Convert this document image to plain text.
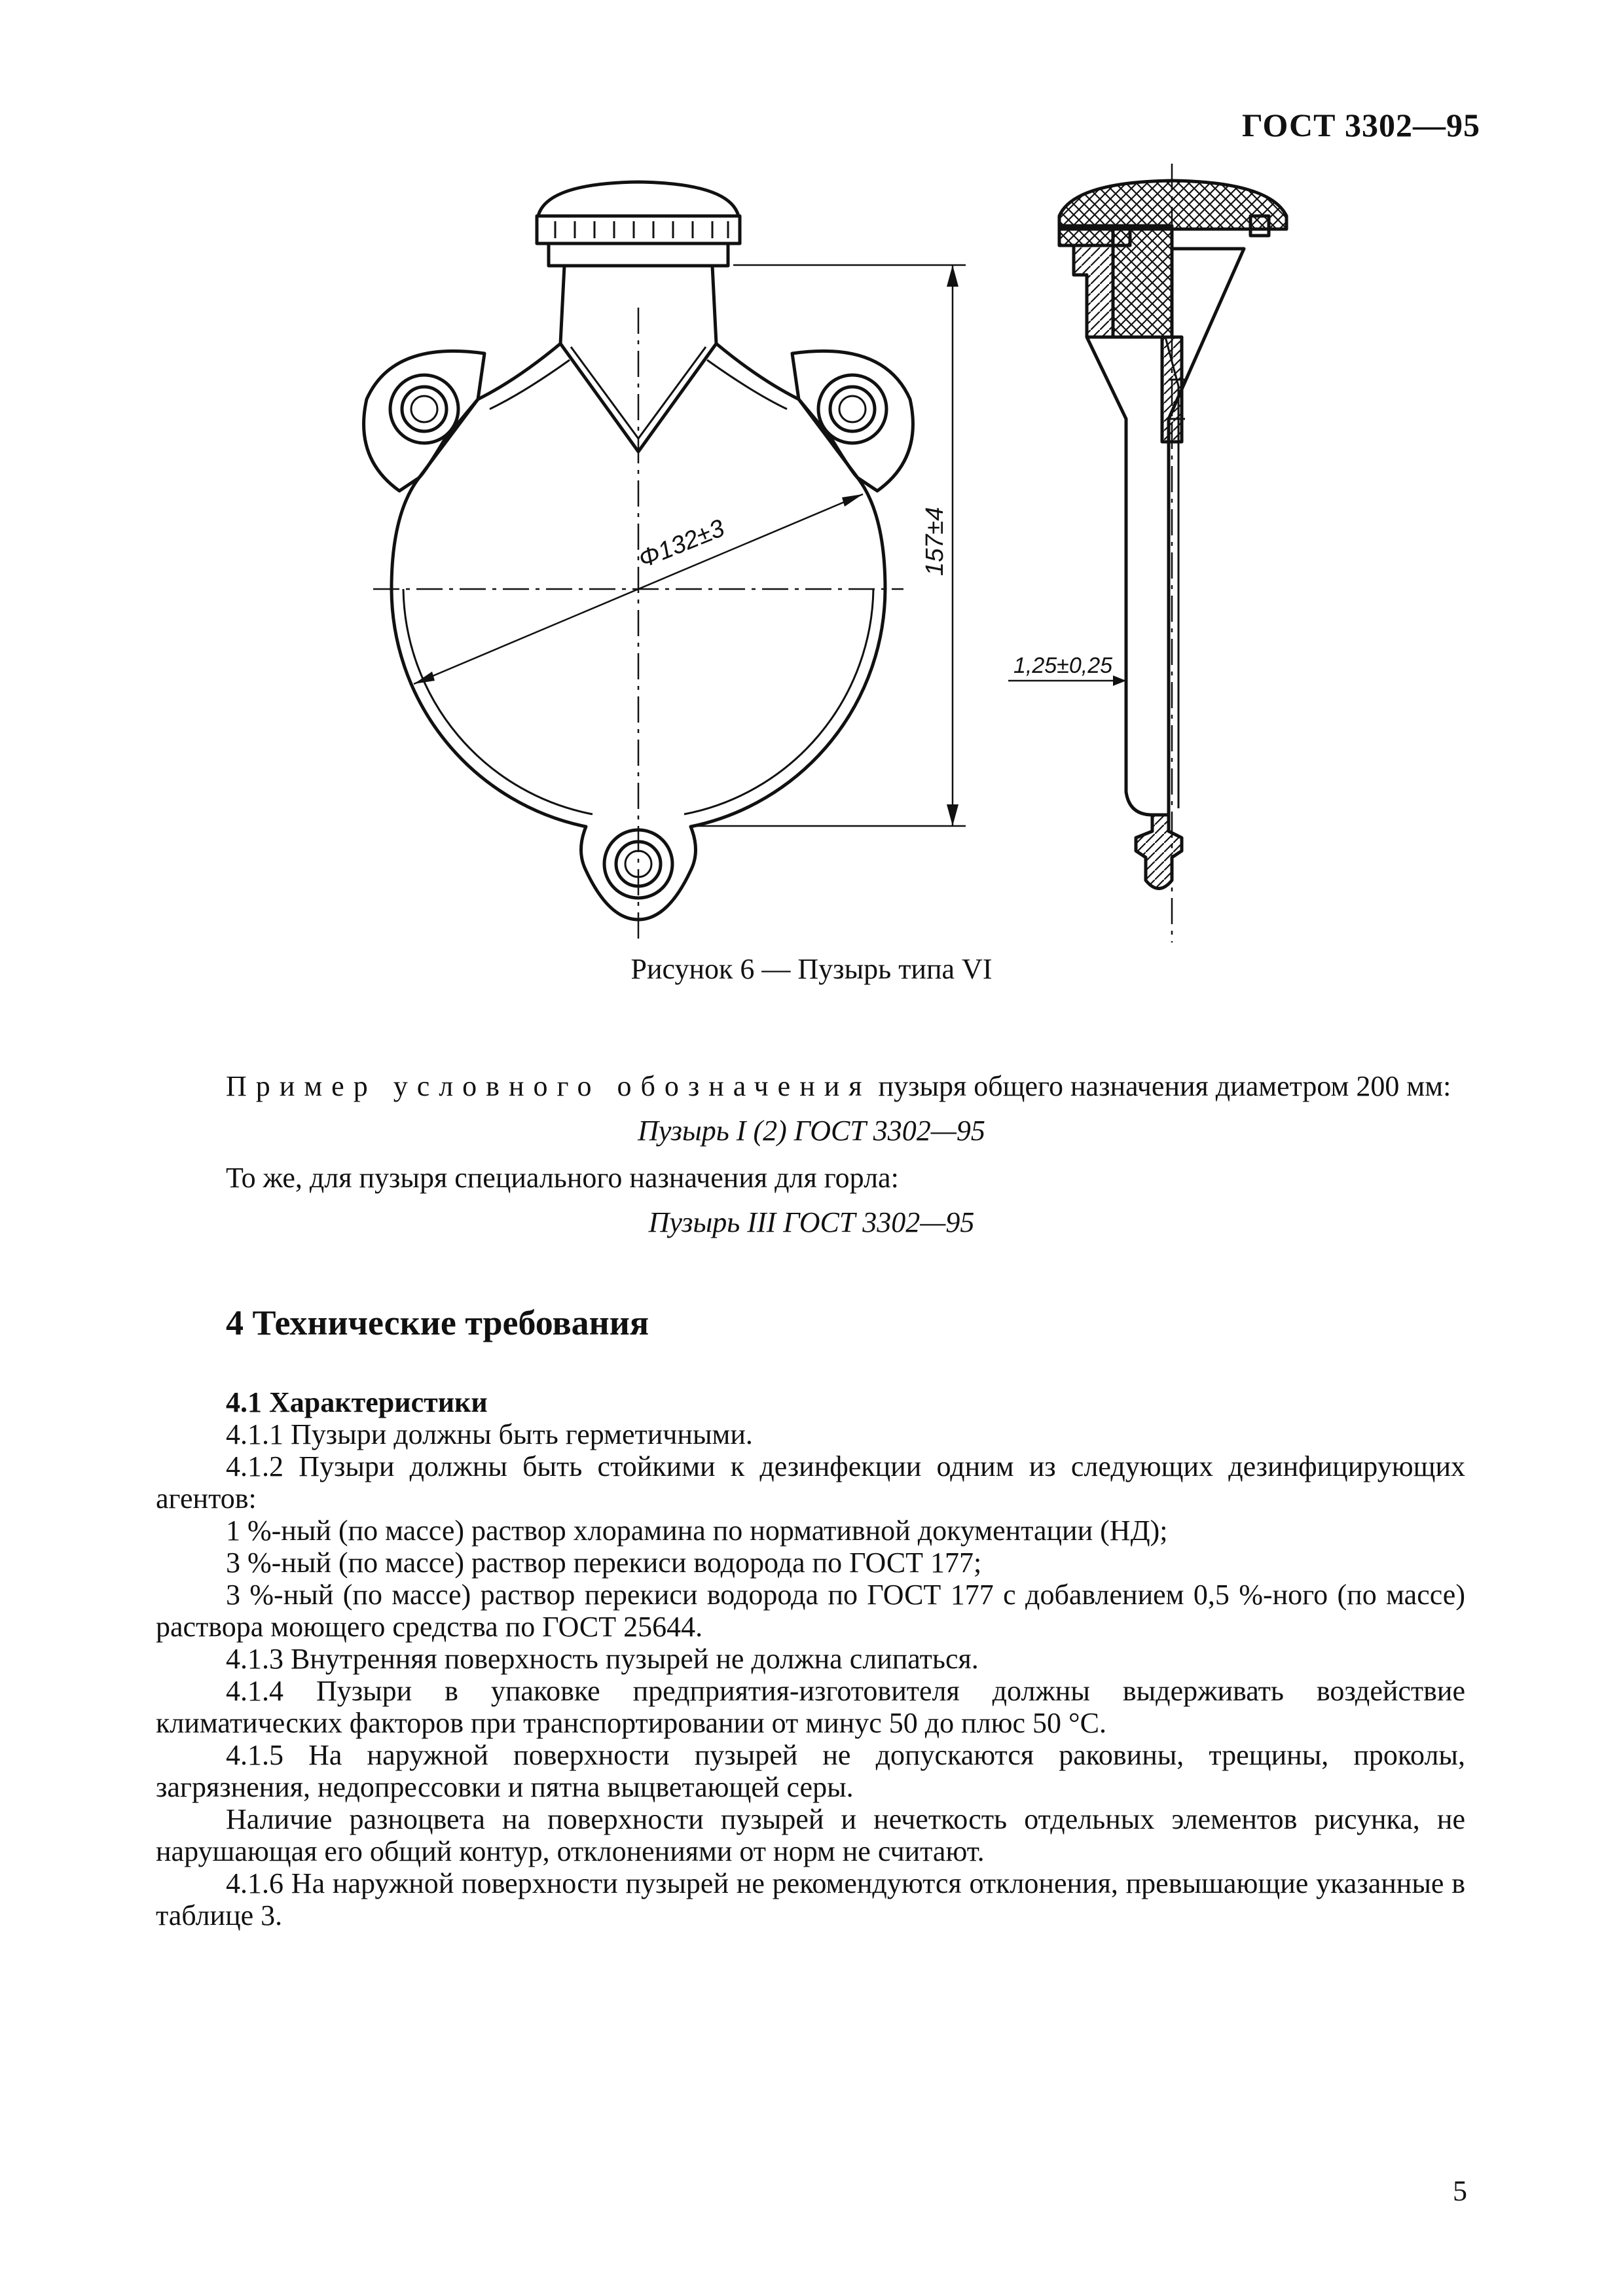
ГОСТ 3302—95
Φ132±3	157±4
1,25±0,25
Рисунок 6 — Пузырь типа VI
Пример условного обозначения пузыря общего назначения диаметром 200 мм:
Пузырь I (2) ГОСТ 3302—95
То же, для пузыря специального назначения для горла:
Пузырь III ГОСТ 3302—95
4 Технические требования

4.1 Характеристики

4.1.1 Пузыри должны быть герметичными.

4.1.2 Пузыри должны быть стойкими к дезинфекции одним из следующих дезинфицирующих агентов:

1 %-ный (по массе) раствор хлорамина по нормативной документации (НД);

3 %-ный (по массе) раствор перекиси водорода по ГОСТ 177;

3 %-ный (по массе) раствор перекиси водорода по ГОСТ 177 с добавлением 0,5 %-ного (по массе) раствора моющего средства по ГОСТ 25644.

4.1.3 Внутренняя поверхность пузырей не должна слипаться.

4.1.4 Пузыри в упаковке предприятия-изготовителя должны выдерживать воздействие климатических факторов при транспортировании от минус 50 до плюс 50 °С.

4.1.5 На наружной поверхности пузырей не допускаются раковины, трещины, проколы, загрязнения, недопрессовки и пятна выцветающей серы.

Наличие разноцвета на поверхности пузырей и нечеткость отдельных элементов рисунка, не нарушающая его общий контур, отклонениями от норм не считают.

4.1.6 На наружной поверхности пузырей не рекомендуются отклонения, превышающие указанные в таблице 3.

5
